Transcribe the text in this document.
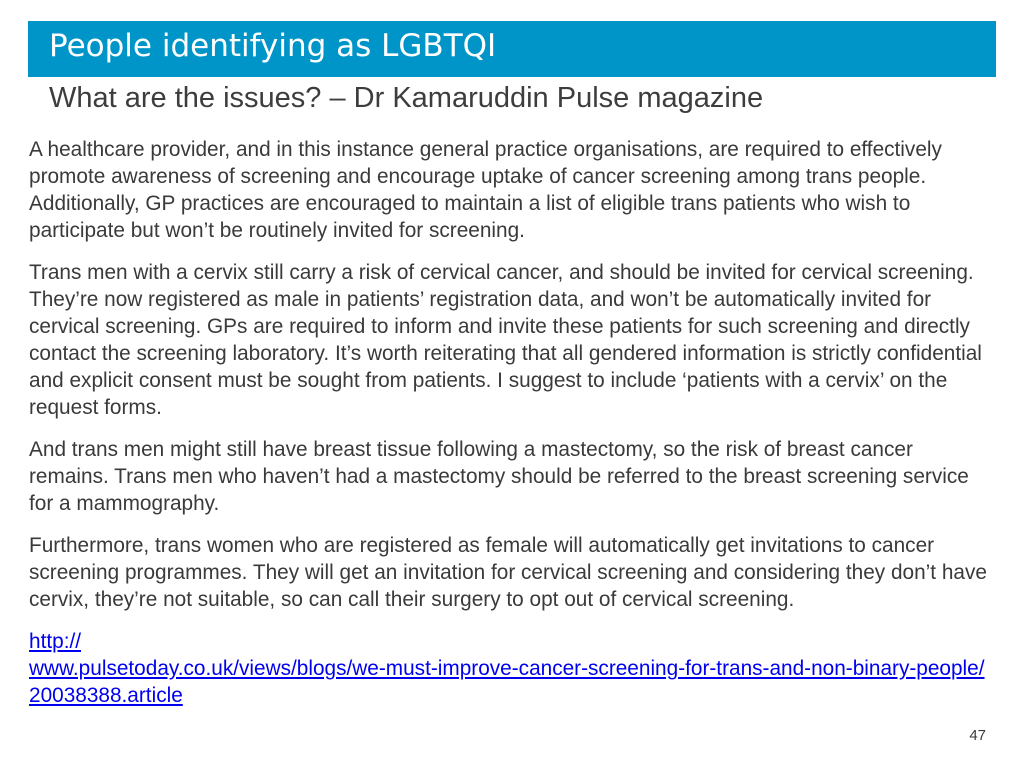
People identifying as LGBTQI
What are the issues? – Dr Kamaruddin Pulse magazine

A healthcare provider, and in this instance general practice organisations, are required to effectively promote awareness of screening and encourage uptake of cancer screening among trans people. Additionally, GP practices are encouraged to maintain a list of eligible trans patients who wish to participate but won’t be routinely invited for screening.

Trans men with a cervix still carry a risk of cervical cancer, and should be invited for cervical screening. They’re now registered as male in patients’ registration data, and won’t be automatically invited for cervical screening. GPs are required to inform and invite these patients for such screening and directly contact the screening laboratory. It’s worth reiterating that all gendered information is strictly confidential and explicit consent must be sought from patients. I suggest to include ‘patients with a cervix’ on the request forms.

And trans men might still have breast tissue following a mastectomy, so the risk of breast cancer remains. Trans men who haven’t had a mastectomy should be referred to the breast screening service for a mammography.

Furthermore, trans women who are registered as female will automatically get invitations to cancer screening programmes. They will get an invitation for cervical screening and considering they don’t have cervix, they’re not suitable, so can call their surgery to opt out of cervical screening.

http://
www.pulsetoday.co.uk/views/blogs/we-must-improve-cancer-screening-for-trans-and-non-binary-people/20038388.article
47
